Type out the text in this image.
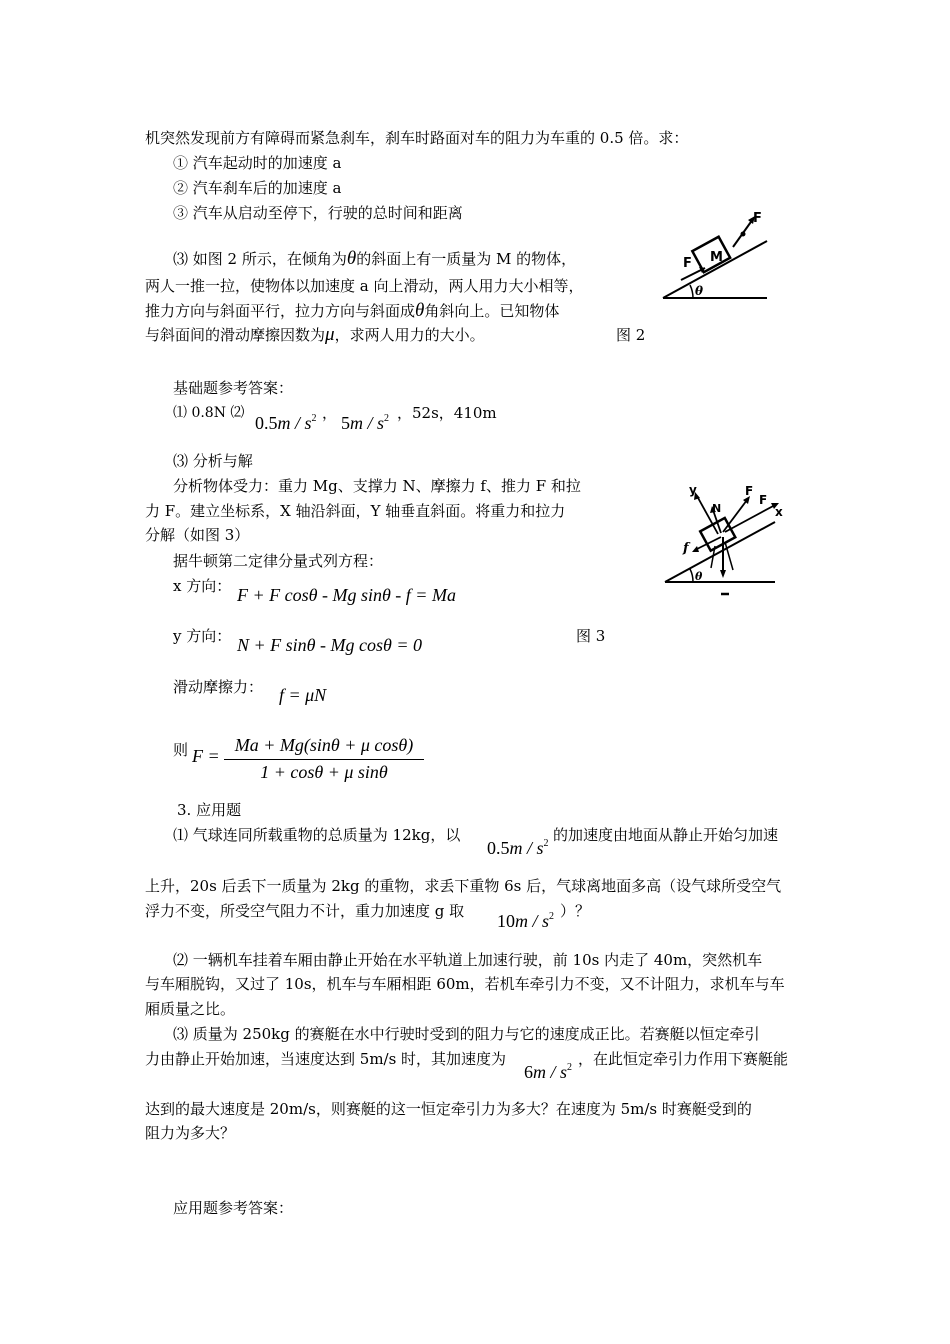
机突然发现前方有障碍而紧急刹车，刹车时路面对车的阻力为车重的 0.5 倍。求：
① 汽车起动时的加速度 a
② 汽车刹车后的加速度 a
③ 汽车从启动至停下，行驶的总时间和距离
⑶ 如图 2 所示，在倾角为θ的斜面上有一质量为 M 的物体，
两人一推一拉，使物体以加速度 a 向上滑动，两人用力大小相等，
推力方向与斜面平行，拉力方向与斜面成θ角斜向上。已知物体
与斜面间的滑动摩擦因数为μ，求两人用力的大小。	图 2
F M
F
θ
基础题参考答案：
⑴ 0.8N ⑵ $0.5m / s^2$ ， $5m / s^2$ ，52s，410m
⑶ 分析与解
分析物体受力：重力 Mg、支撑力 N、摩擦力 f、推力 F 和拉
力 F。建立坐标系，X 轴沿斜面，Y 轴垂直斜面。将重力和拉力
分解（如图 3）
据牛顿第二定律分量式列方程：
x 方向： F + F cosθ - Mg sinθ - f = Ma
y 方向： N + F sinθ - Mg cosθ = 0	图 3
滑动摩擦力： f = μN
则 $F = \frac{\text{Ma + Mg(sinθ + μ cosθ)}}{\text{1 + cosθ + μ sinθ}}$
y
N
F
F
x
f
θ
3. 应用题
⑴ 气球连同所载重物的总质量为 12kg，以
$0.5m / s^2$ 的加速度由地面从静止开始匀加速
上升，20s 后丢下一质量为 2kg 的重物，求丢下重物 6s 后，气球离地面多高（设气球所受空气
浮力不变，所受空气阻力不计，重力加速度 g 取 $10m / s^2$ ）？
⑵ 一辆机车挂着车厢由静止开始在水平轨道上加速行驶，前 10s 内走了 40m，突然机车
与车厢脱钩，又过了 10s，机车与车厢相距 60m，若机车牵引力不变，又不计阻力，求机车与车
厢质量之比。
⑶ 质量为 250kg 的赛艇在水中行驶时受到的阻力与它的速度成正比。若赛艇以恒定牵引
力由静止开始加速，当速度达到 5m/s 时，其加速度为
$6m / s^2$ ，在此恒定牵引力作用下赛艇能
达到的最大速度是 20m/s，则赛艇的这一恒定牵引力为多大？在速度为 5m/s 时赛艇受到的
阻力为多大？
应用题参考答案：
